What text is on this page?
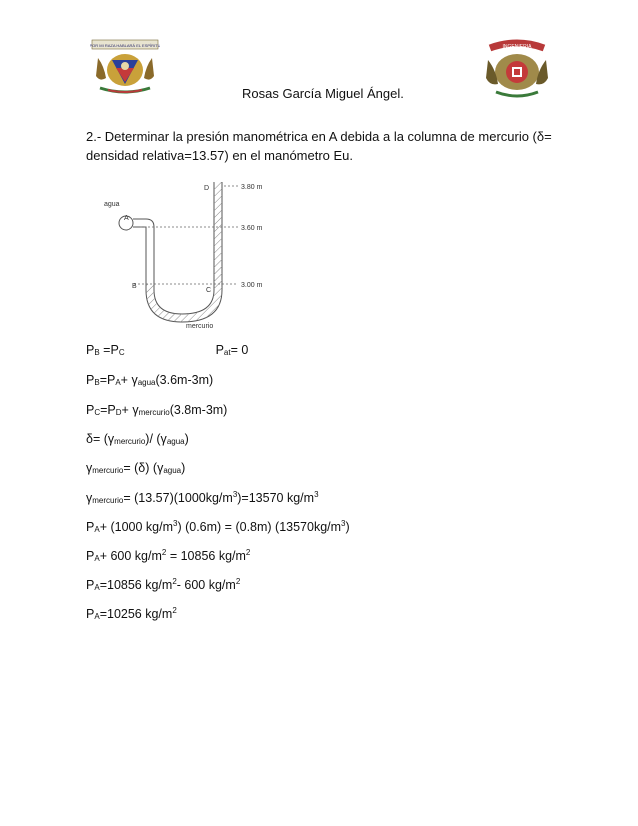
POR MI RAZA HABLARÁ EL ESPÍRITU	INGENIERIA
Rosas García Miguel Ángel.
2.- Determinar la presión manométrica en A debida a la columna de mercurio (δ= densidad relativa=13.57) en el manómetro Eu.
agua
A
B
C
D
mercurio
3.80 m
3.60 m
3.00 m
$P_B =P_C$	$P_{at}= 0$
$P_B=P_A+ \gamma_{agua}(3.6m-3m)$
$P_C=P_D+ \gamma_{mercurio}(3.8m-3m)$
$\delta= (\gamma_{mercurio})/$ $(\gamma_{agua})$
$\gamma_{mercurio}= (\delta)$ $(\gamma_{agua})$
$\gamma_{mercurio}= (13.57)(1000kg/m^3)=13570$ $kg/m^3$
$P_A+ (1000$ $kg/m^3$) (0.6m) = (0.8m) $(13570kg/m^3)$
$P_A+ 600$ $kg/m^2 = 10856$ $kg/m^2$
$P_A=10856$ $kg/m^2-$ 600 $kg/m^2$
$P_A=10256$ $kg/m^2$
